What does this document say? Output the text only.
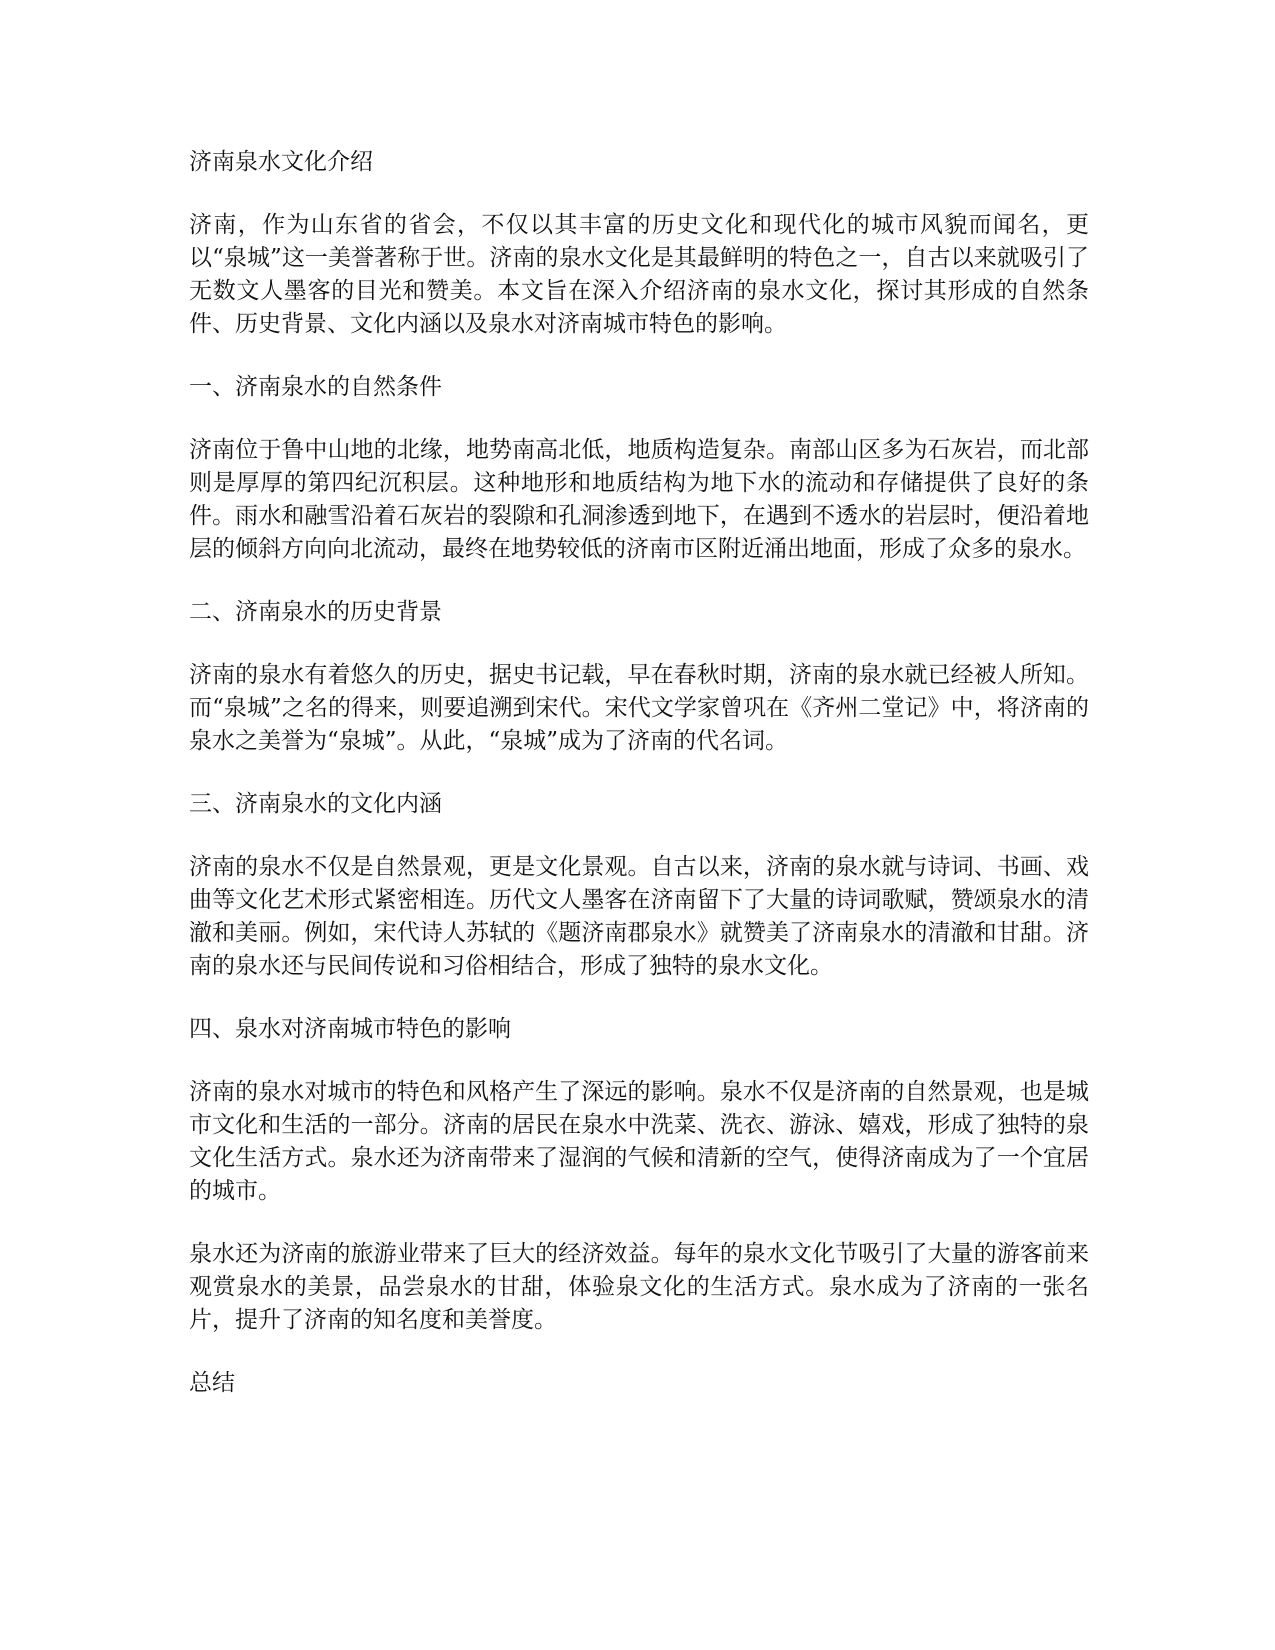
济南泉水文化介绍

济南，作为山东省的省会，不仅以其丰富的历史文化和现代化的城市风貌而闻名，更以“泉城”这一美誉著称于世。济南的泉水文化是其最鲜明的特色之一，自古以来就吸引了无数文人墨客的目光和赞美。本文旨在深入介绍济南的泉水文化，探讨其形成的自然条件、历史背景、文化内涵以及泉水对济南城市特色的影响。

一、济南泉水的自然条件

济南位于鲁中山地的北缘，地势南高北低，地质构造复杂。南部山区多为石灰岩，而北部则是厚厚的第四纪沉积层。这种地形和地质结构为地下水的流动和存储提供了良好的条件。雨水和融雪沿着石灰岩的裂隙和孔洞渗透到地下，在遇到不透水的岩层时，便沿着地层的倾斜方向向北流动，最终在地势较低的济南市区附近涌出地面，形成了众多的泉水。

二、济南泉水的历史背景

济南的泉水有着悠久的历史，据史书记载，早在春秋时期，济南的泉水就已经被人所知。而“泉城”之名的得来，则要追溯到宋代。宋代文学家曾巩在《齐州二堂记》中，将济南的泉水之美誉为“泉城”。从此，“泉城”成为了济南的代名词。

三、济南泉水的文化内涵

济南的泉水不仅是自然景观，更是文化景观。自古以来，济南的泉水就与诗词、书画、戏曲等文化艺术形式紧密相连。历代文人墨客在济南留下了大量的诗词歌赋，赞颂泉水的清澈和美丽。例如，宋代诗人苏轼的《题济南郡泉水》就赞美了济南泉水的清澈和甘甜。济南的泉水还与民间传说和习俗相结合，形成了独特的泉水文化。

四、泉水对济南城市特色的影响

济南的泉水对城市的特色和风格产生了深远的影响。泉水不仅是济南的自然景观，也是城市文化和生活的一部分。济南的居民在泉水中洗菜、洗衣、游泳、嬉戏，形成了独特的泉文化生活方式。泉水还为济南带来了湿润的气候和清新的空气，使得济南成为了一个宜居的城市。

泉水还为济南的旅游业带来了巨大的经济效益。每年的泉水文化节吸引了大量的游客前来观赏泉水的美景，品尝泉水的甘甜，体验泉文化的生活方式。泉水成为了济南的一张名片，提升了济南的知名度和美誉度。

总结
